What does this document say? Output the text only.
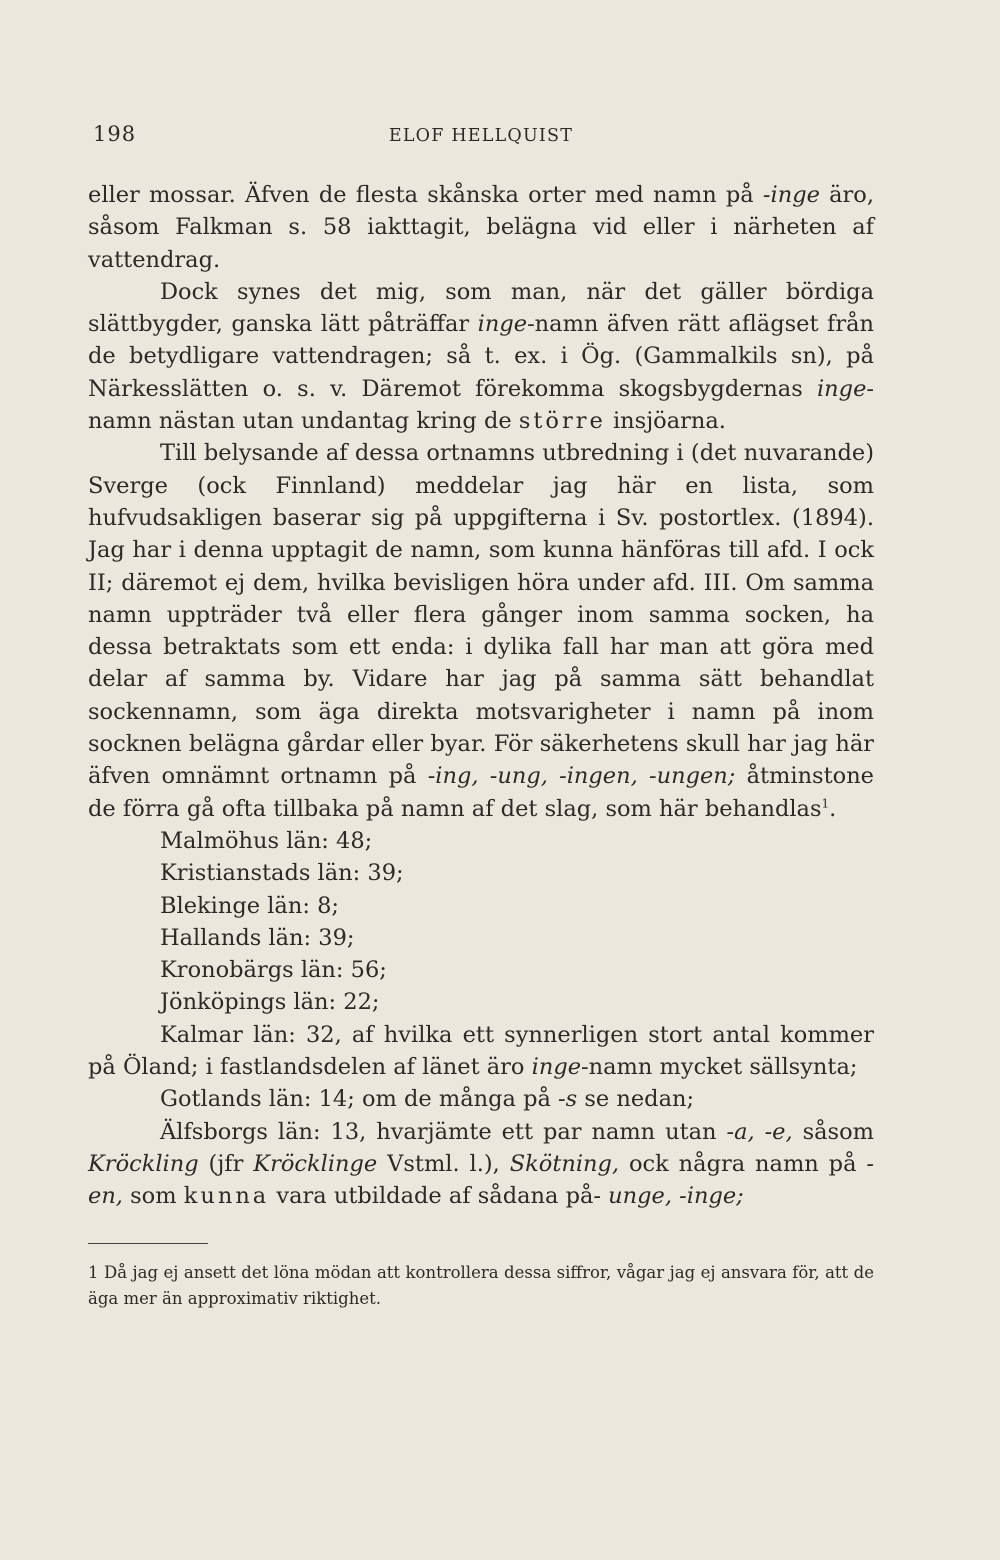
198	ELOF HELLQUIST

eller mossar. Äfven de flesta skånska orter med namn på -inge äro, såsom Falkman s. 58 iakttagit, belägna vid eller i närheten af vattendrag.

Dock synes det mig, som man, när det gäller bördiga slättbygder, ganska lätt påträffar inge-namn äfven rätt aflägset från de betydligare vattendragen; så t. ex. i Ög. (Gammalkils sn), på Närkesslätten o. s. v. Däremot förekomma skogsbygdernas inge-namn nästan utan undantag kring de större insjöarna.

Till belysande af dessa ortnamns utbredning i (det nuvarande) Sverge (ock Finnland) meddelar jag här en lista, som hufvudsakligen baserar sig på uppgifterna i Sv. postortlex. (1894). Jag har i denna upptagit de namn, som kunna hänföras till afd. I ock II; däremot ej dem, hvilka bevisligen höra under afd. III. Om samma namn uppträder två eller flera gånger inom samma socken, ha dessa betraktats som ett enda: i dylika fall har man att göra med delar af samma by. Vidare har jag på samma sätt behandlat sockennamn, som äga direkta motsvarigheter i namn på inom socknen belägna gårdar eller byar. För säkerhetens skull har jag här äfven omnämnt ortnamn på -ing, -ung, -ingen, -ungen; åtminstone de förra gå ofta tillbaka på namn af det slag, som här behandlas$^1$.

Malmöhus län: 48;
Kristianstads län: 39;
Blekinge län: 8;
Hallands län: 39;
Kronobärgs län: 56;
Jönköpings län: 22;

Kalmar län: 32, af hvilka ett synnerligen stort antal kommer på Öland; i fastlandsdelen af länet äro inge-namn mycket sällsynta;

Gotlands län: 14; om de många på -s se nedan;

Älfsborgs län: 13, hvarjämte ett par namn utan -a, -e, såsom Kröckling (jfr Kröcklinge Vstml. l.), Skötning, ock några namn på -en, som kunna vara utbildade af sådana på- unge, -inge;

1 Då jag ej ansett det löna mödan att kontrollera dessa siffror, vågar jag ej ansvara för, att de äga mer än approximativ riktighet.
